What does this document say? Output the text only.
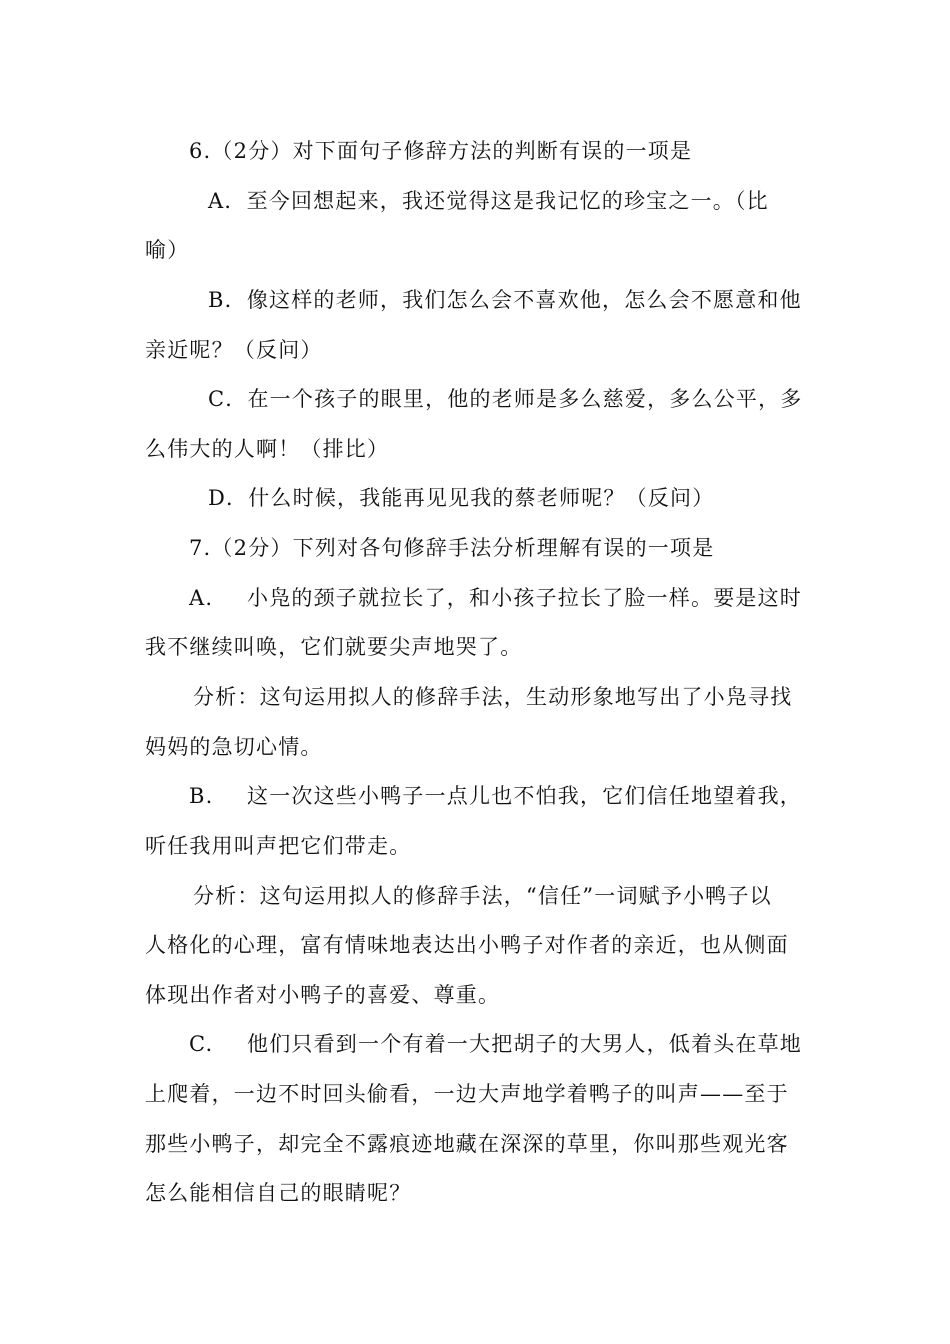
6.（2分）对下面句子修辞方法的判断有误的一项是
A．至今回想起来，我还觉得这是我记忆的珍宝之一。（比
喻）
B．像这样的老师，我们怎么会不喜欢他，怎么会不愿意和他
亲近呢？（反问）
C．在一个孩子的眼里，他的老师是多么慈爱，多么公平，多
么伟大的人啊！（排比）
D．什么时候，我能再见见我的蔡老师呢？（反问）
7.（2分）下列对各句修辞手法分析理解有误的一项是
A. 小凫的颈子就拉长了，和小孩子拉长了脸一样。要是这时
我不继续叫唤，它们就要尖声地哭了。
分析：这句运用拟人的修辞手法，生动形象地写出了小凫寻找
妈妈的急切心情。
B. 这一次这些小鸭子一点儿也不怕我，它们信任地望着我，
听任我用叫声把它们带走。
分析：这句运用拟人的修辞手法，“信任”一词赋予小鸭子以
人格化的心理，富有情味地表达出小鸭子对作者的亲近，也从侧面
体现出作者对小鸭子的喜爱、尊重。
C. 他们只看到一个有着一大把胡子的大男人，低着头在草地
上爬着，一边不时回头偷看，一边大声地学着鸭子的叫声——至于
那些小鸭子，却完全不露痕迹地藏在深深的草里，你叫那些观光客
怎么能相信自己的眼睛呢？
